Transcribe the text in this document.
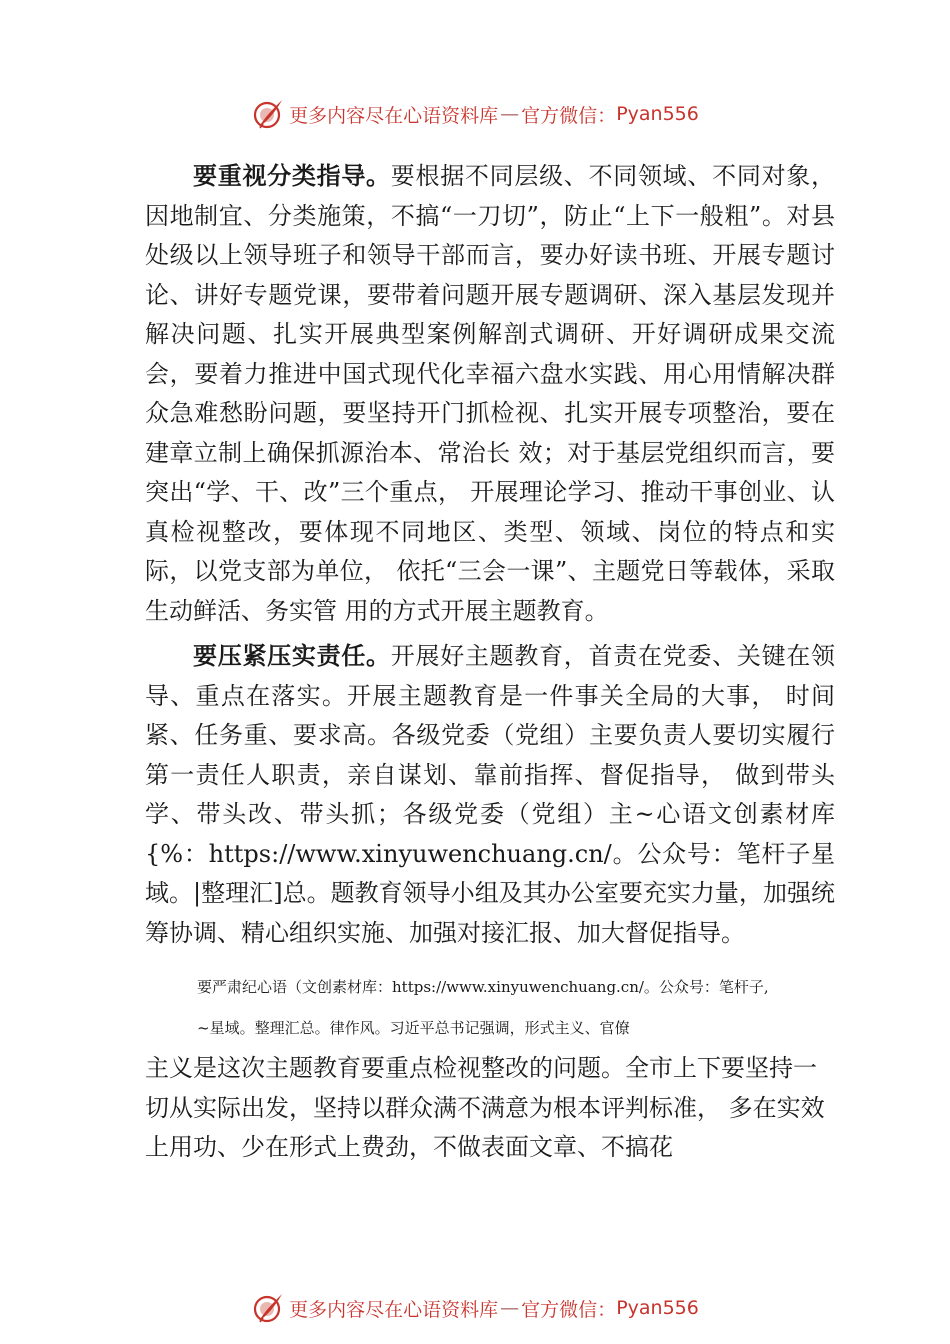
更多内容尽在心语资料库 — 官方微信： Pyan556

要重视分类指导。要根据不同层级、不同领域、不同对象，因地制宜、分类施策，不搞“一刀切”，防止“上下一般粗”。对县处级以上领导班子和领导干部而言，要办好读书班、开展专题讨论、讲好专题党课，要带着问题开展专题调研、深入基层发现并解决问题、扎实开展典型案例解剖式调研、开好调研成果交流会，要着力推进中国式现代化幸福六盘水实践、用心用情解决群众急难愁盼问题，要坚持开门抓检视、扎实开展专项整治，要在建章立制上确保抓源治本、常治长 效；对于基层党组织而言，要突出“学、干、改”三个重点， 开展理论学习、推动干事创业、认真检视整改，要体现不同地区、类型、领域、岗位的特点和实际，以党支部为单位， 依托“三会一课”、主题党日等载体，采取生动鲜活、务实管 用的方式开展主题教育。

要压紧压实责任。开展好主题教育，首责在党委、关键在领导、重点在落实。开展主题教育是一件事关全局的大事， 时间紧、任务重、要求高。各级党委（党组）主要负责人要切实履行第一责任人职责，亲自谋划、靠前指挥、督促指导， 做到带头学、带头改、带头抓；各级党委（党组）主~心语文创素材库{%：https://www.xinyuwenchuang.cn/。公众号：笔杆子星域。|整理汇]总。题教育领导小组及其办公室要充实力量，加强统筹协调、精心组织实施、加强对接汇报、加大督促指导。

要严肃纪心语（文创素材库：https://www.xinyuwenchuang.cn/。公众号：笔杆子,
~星域。整理汇总。律作风。习近平总书记强调，形式主义、官僚

主义是这次主题教育要重点检视整改的问题。全市上下要坚持一切从实际出发，坚持以群众满不满意为根本评判标准， 多在实效上用功、少在形式上费劲，不做表面文章、不搞花

更多内容尽在心语资料库 — 官方微信： Pyan556
